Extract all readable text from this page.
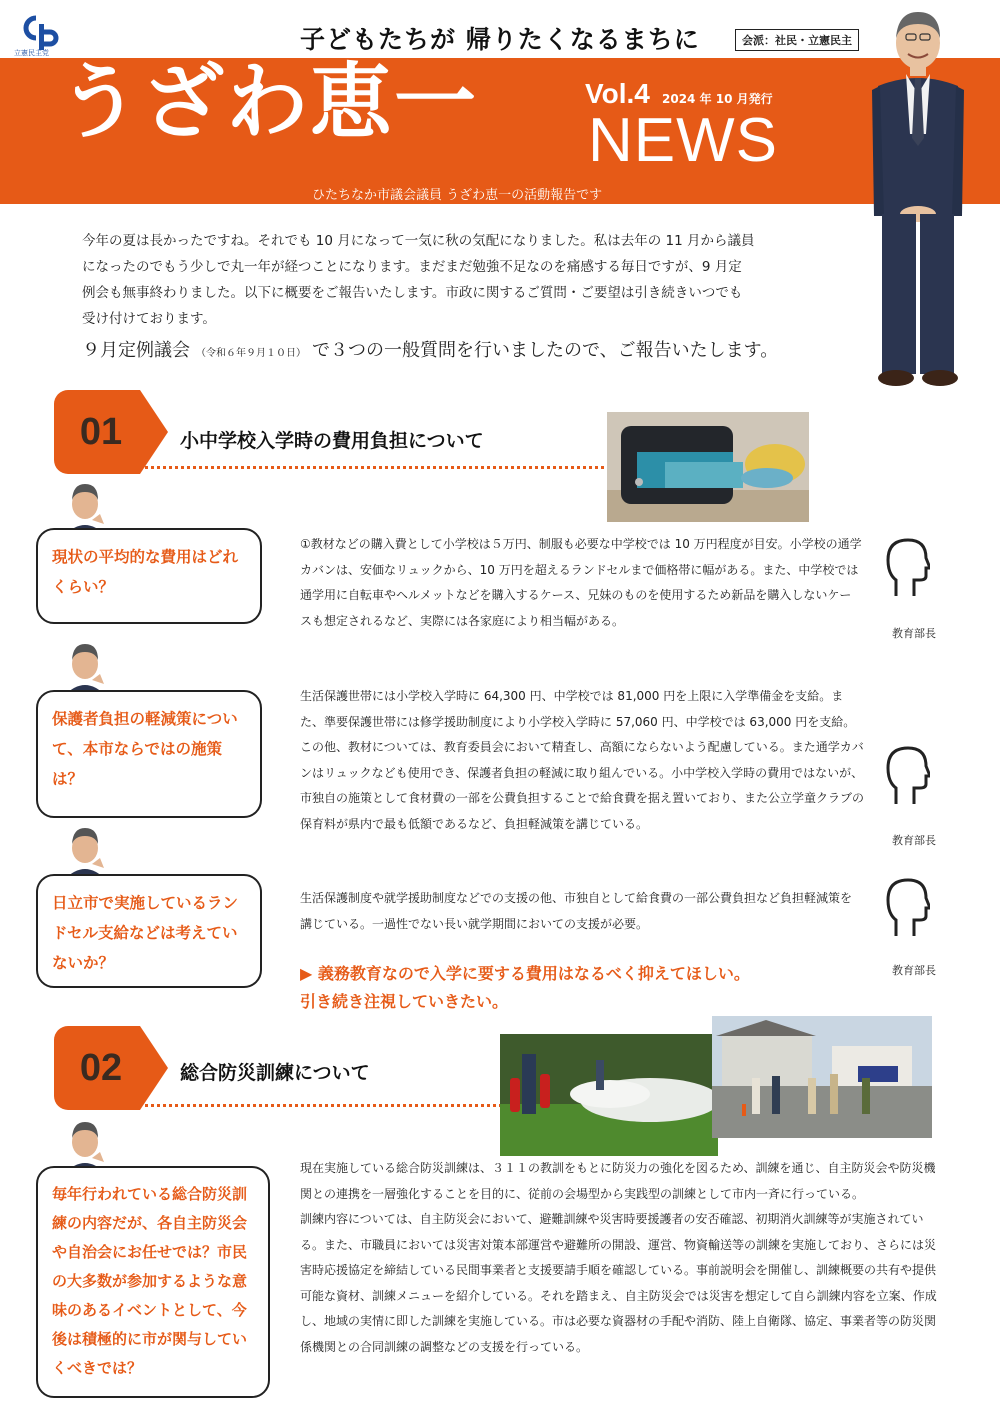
立憲民主党	子どもたちが 帰りたくなるまちに	会派：社民・立憲民主
うざわ恵一	Vol.4 2024 年 10 月発行
NEWS
ひたちなか市議会議員 うざわ恵一の活動報告です
今年の夏は長かったですね。それでも 10 月になって一気に秋の気配になりました。私は去年の 11 月から議員
になったのでもう少しで丸一年が経つことになります。まだまだ勉強不足なのを痛感する毎日ですが、9 月定
例会も無事終わりました。以下に概要をご報告いたします。市政に関するご質問・ご要望は引き続きいつでも
受け付けております。
９月定例議会 （令和６年９月１０日） で３つの一般質問を行いましたので、ご報告いたします。
01	小中学校入学時の費用負担について
現状の平均的な費用はどれくらい？
①教材などの購入費として小学校は５万円、制服も必要な中学校では 10 万円程度が目安。小学校の通学カバンは、安価なリュックから、10 万円を超えるランドセルまで価格帯に幅がある。また、中学校では通学用に自転車やヘルメットなどを購入するケース、兄妹のものを使用するため新品を購入しないケースも想定されるなど、実際には各家庭により相当幅がある。
教育部長
保護者負担の軽減策について、本市ならではの施策は？
生活保護世帯には小学校入学時に 64,300 円、中学校では 81,000 円を上限に入学準備金を支給。また、準要保護世帯には修学援助制度により小学校入学時に 57,060 円、中学校では 63,000 円を支給。この他、教材については、教育委員会において精査し、高額にならないよう配慮している。また通学カバンはリュックなども使用でき、保護者負担の軽減に取り組んでいる。小中学校入学時の費用ではないが、市独自の施策として食材費の一部を公費負担することで給食費を据え置いており、また公立学童クラブの保育料が県内で最も低額であるなど、負担軽減策を講じている。
教育部長
日立市で実施しているランドセル支給などは考えていないか？
生活保護制度や就学援助制度などでの支援の他、市独自として給食費の一部公費負担など負担軽減策を講じている。一過性でない長い就学期間においての支援が必要。
教育部長
▶ 義務教育なので入学に要する費用はなるべく抑えてほしい。
引き続き注視していきたい。
02	総合防災訓練について
毎年行われている総合防災訓練の内容だが、各自主防災会や自治会にお任せでは？市民の大多数が参加するような意味のあるイベントとして、今後は積極的に市が関与していくべきでは？
現在実施している総合防災訓練は、３１１の教訓をもとに防災力の強化を図るため、訓練を通じ、自主防災会や防災機関との連携を一層強化することを目的に、従前の会場型から実践型の訓練として市内一斉に行っている。
訓練内容については、自主防災会において、避難訓練や災害時要援護者の安否確認、初期消火訓練等が実施されている。また、市職員においては災害対策本部運営や避難所の開設、運営、物資輸送等の訓練を実施しており、さらには災害時応援協定を締結している民間事業者と支援要請手順を確認している。事前説明会を開催し、訓練概要の共有や提供可能な資材、訓練メニューを紹介している。それを踏まえ、自主防災会では災害を想定して自ら訓練内容を立案、作成し、地域の実情に即した訓練を実施している。市は必要な資器材の手配や消防、陸上自衛隊、協定、事業者等の防災関係機関との合同訓練の調整などの支援を行っている。
